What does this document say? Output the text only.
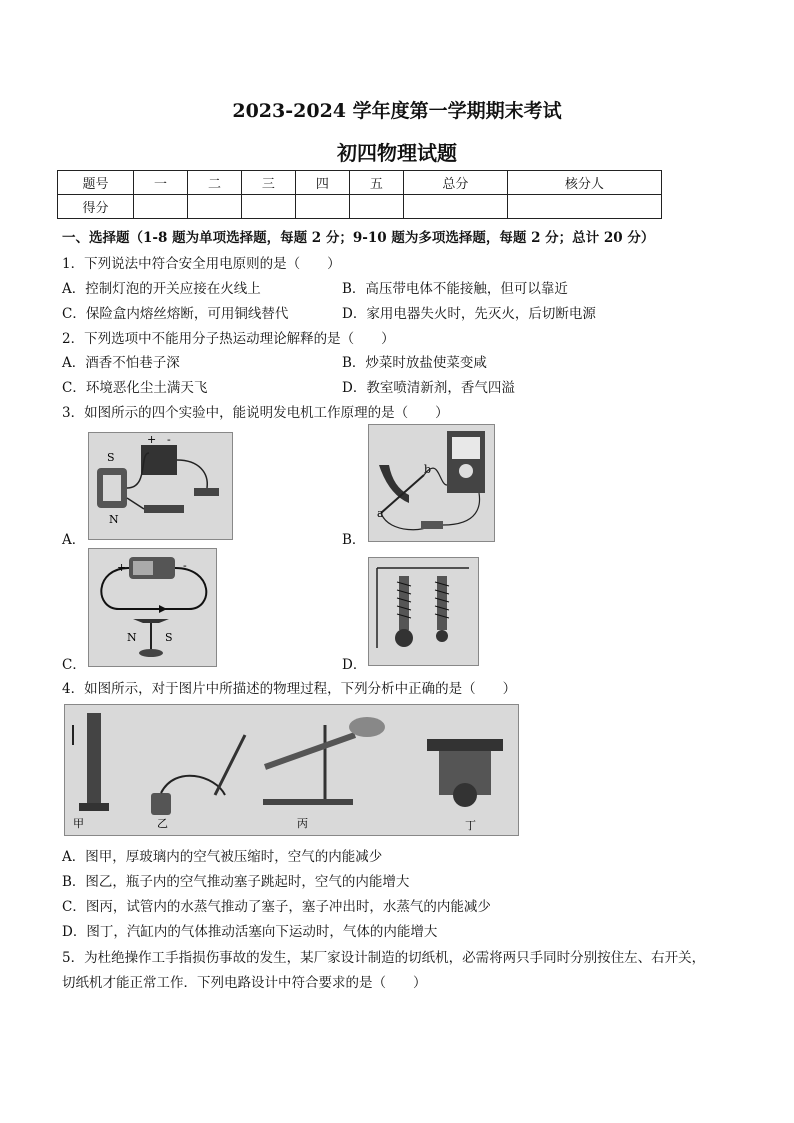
2023-2024 学年度第一学期期末考试
初四物理试题
题号	一	二	三	四	五	总分	核分人
得分							
一、选择题（1-8 题为单项选择题，每题 2 分；9-10 题为多项选择题，每题 2 分；总计 20 分）
1．下列说法中符合安全用电原则的是（　　）
A．控制灯泡的开关应接在火线上	B．高压带电体不能接触，但可以靠近
C．保险盒内熔丝熔断，可用铜线替代	D．家用电器失火时，先灭火，后切断电源
2．下列选项中不能用分子热运动理论解释的是（　　）
A．酒香不怕巷子深	B．炒菜时放盐使菜变咸
C．环境恶化尘土满天飞	D．教室喷清新剂，香气四溢
3．如图所示的四个实验中，能说明发电机工作原理的是（　　）
A．
S
N
+ -
B．
a
b
C．
+	-
N	S
D．
4．如图所示，对于图片中所描述的物理过程，下列分析中正确的是（　　）
甲	乙	丙	丁
A．图甲，厚玻璃内的空气被压缩时，空气的内能减少
B．图乙，瓶子内的空气推动塞子跳起时，空气的内能增大
C．图丙，试管内的水蒸气推动了塞子，塞子冲出时，水蒸气的内能减少
D．图丁，汽缸内的气体推动活塞向下运动时，气体的内能增大
5．为杜绝操作工手指损伤事故的发生，某厂家设计制造的切纸机，必需将两只手同时分别按住左、右开关，
切纸机才能正常工作．下列电路设计中符合要求的是（　　）
